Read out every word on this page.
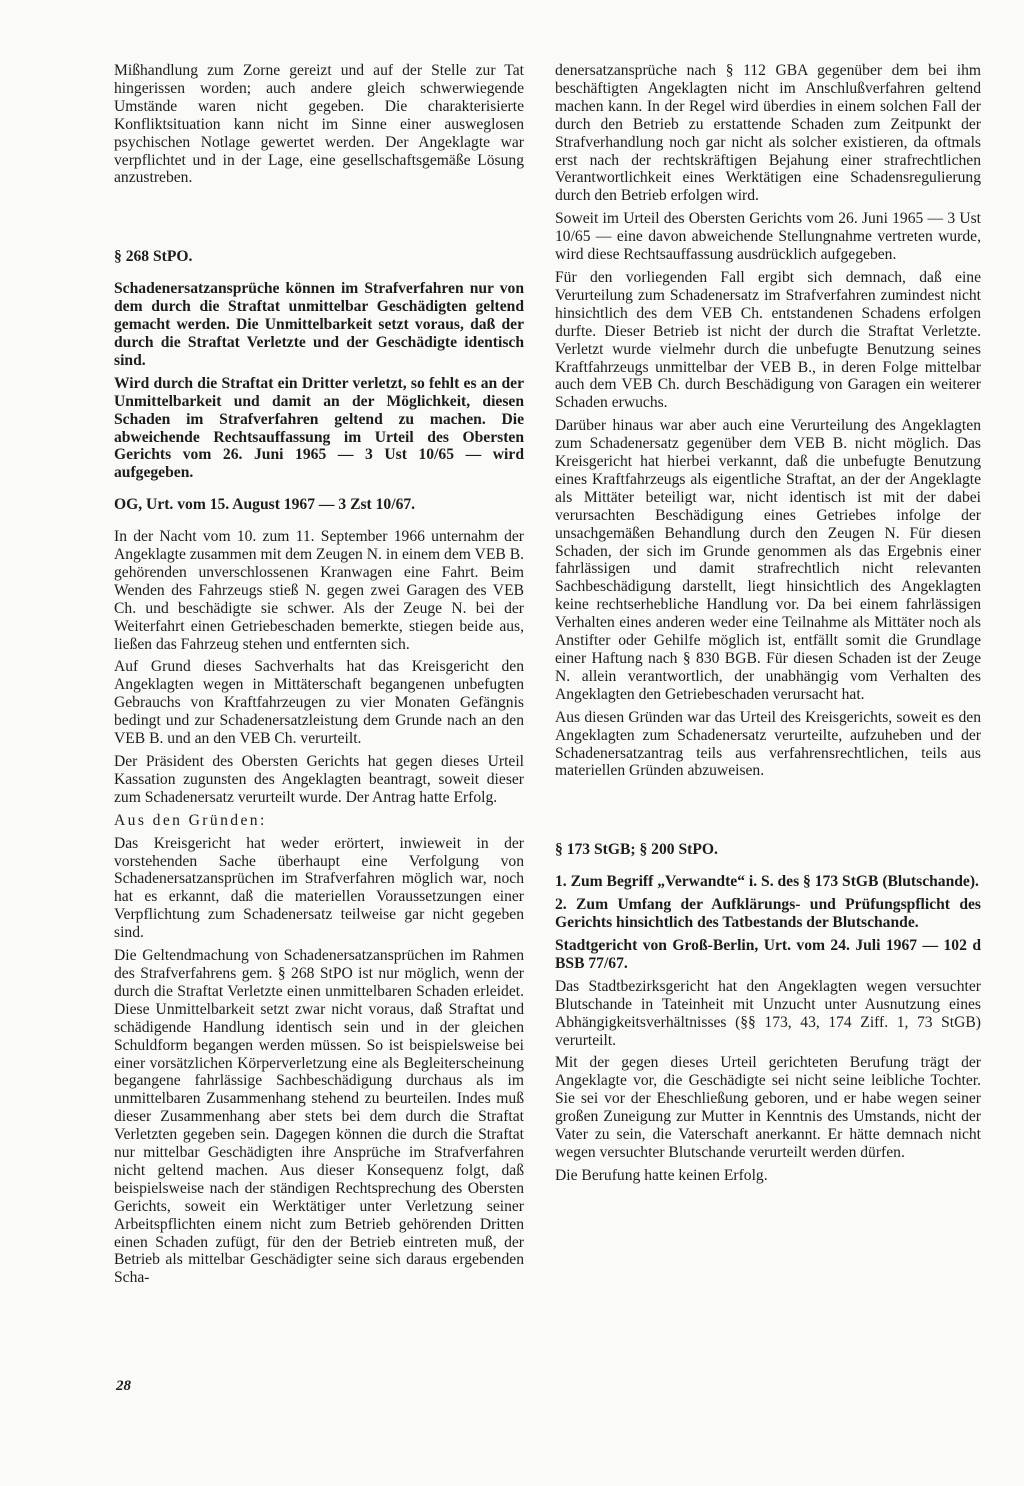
Mißhandlung zum Zorne gereizt und auf der Stelle zur Tat hingerissen worden; auch andere gleich schwerwiegende Umstände waren nicht gegeben. Die charakterisierte Konfliktsituation kann nicht im Sinne einer ausweglosen psychischen Notlage gewertet werden. Der Angeklagte war verpflichtet und in der Lage, eine gesellschaftsgemäße Lösung anzustreben.

§ 268 StPO.

Schadenersatzansprüche können im Strafverfahren nur von dem durch die Straftat unmittelbar Geschädigten geltend gemacht werden. Die Unmittelbarkeit setzt voraus, daß der durch die Straftat Verletzte und der Geschädigte identisch sind.

Wird durch die Straftat ein Dritter verletzt, so fehlt es an der Unmittelbarkeit und damit an der Möglichkeit, diesen Schaden im Strafverfahren geltend zu machen. Die abweichende Rechtsauffassung im Urteil des Obersten Gerichts vom 26. Juni 1965 — 3 Ust 10/65 — wird aufgegeben.

OG, Urt. vom 15. August 1967 — 3 Zst 10/67.

In der Nacht vom 10. zum 11. September 1966 unternahm der Angeklagte zusammen mit dem Zeugen N. in einem dem VEB B. gehörenden unverschlossenen Kranwagen eine Fahrt. Beim Wenden des Fahrzeugs stieß N. gegen zwei Garagen des VEB Ch. und beschädigte sie schwer. Als der Zeuge N. bei der Weiterfahrt einen Getriebeschaden bemerkte, stiegen beide aus, ließen das Fahrzeug stehen und entfernten sich.

Auf Grund dieses Sachverhalts hat das Kreisgericht den Angeklagten wegen in Mittäterschaft begangenen unbefugten Gebrauchs von Kraftfahrzeugen zu vier Monaten Gefängnis bedingt und zur Schadenersatzleistung dem Grunde nach an den VEB B. und an den VEB Ch. verurteilt.

Der Präsident des Obersten Gerichts hat gegen dieses Urteil Kassation zugunsten des Angeklagten beantragt, soweit dieser zum Schadenersatz verurteilt wurde. Der Antrag hatte Erfolg.

Aus den Gründen:

Das Kreisgericht hat weder erörtert, inwieweit in der vorstehenden Sache überhaupt eine Verfolgung von Schadenersatzansprüchen im Strafverfahren möglich war, noch hat es erkannt, daß die materiellen Voraussetzungen einer Verpflichtung zum Schadenersatz teilweise gar nicht gegeben sind.

Die Geltendmachung von Schadenersatzansprüchen im Rahmen des Strafverfahrens gem. § 268 StPO ist nur möglich, wenn der durch die Straftat Verletzte einen unmittelbaren Schaden erleidet. Diese Unmittelbarkeit setzt zwar nicht voraus, daß Straftat und schädigende Handlung identisch sein und in der gleichen Schuldform begangen werden müssen. So ist beispielsweise bei einer vorsätzlichen Körperverletzung eine als Begleiterscheinung begangene fahrlässige Sachbeschädigung durchaus als im unmittelbaren Zusammenhang stehend zu beurteilen. Indes muß dieser Zusammenhang aber stets bei dem durch die Straftat Verletzten gegeben sein. Dagegen können die durch die Straftat nur mittelbar Geschädigten ihre Ansprüche im Strafverfahren nicht geltend machen. Aus dieser Konsequenz folgt, daß beispielsweise nach der ständigen Rechtsprechung des Obersten Gerichts, soweit ein Werktätiger unter Verletzung seiner Arbeitspflichten einem nicht zum Betrieb gehörenden Dritten einen Schaden zufügt, für den der Betrieb eintreten muß, der Betrieb als mittelbar Geschädigter seine sich daraus ergebenden Scha-

denersatzansprüche nach § 112 GBA gegenüber dem bei ihm beschäftigten Angeklagten nicht im Anschlußverfahren geltend machen kann. In der Regel wird überdies in einem solchen Fall der durch den Betrieb zu erstattende Schaden zum Zeitpunkt der Strafverhandlung noch gar nicht als solcher existieren, da oftmals erst nach der rechtskräftigen Bejahung einer strafrechtlichen Verantwortlichkeit eines Werktätigen eine Schadensregulierung durch den Betrieb erfolgen wird.

Soweit im Urteil des Obersten Gerichts vom 26. Juni 1965 — 3 Ust 10/65 — eine davon abweichende Stellungnahme vertreten wurde, wird diese Rechtsauffassung ausdrücklich aufgegeben.

Für den vorliegenden Fall ergibt sich demnach, daß eine Verurteilung zum Schadenersatz im Strafverfahren zumindest nicht hinsichtlich des dem VEB Ch. entstandenen Schadens erfolgen durfte. Dieser Betrieb ist nicht der durch die Straftat Verletzte. Verletzt wurde vielmehr durch die unbefugte Benutzung seines Kraftfahrzeugs unmittelbar der VEB B., in deren Folge mittelbar auch dem VEB Ch. durch Beschädigung von Garagen ein weiterer Schaden erwuchs.

Darüber hinaus war aber auch eine Verurteilung des Angeklagten zum Schadenersatz gegenüber dem VEB B. nicht möglich. Das Kreisgericht hat hierbei verkannt, daß die unbefugte Benutzung eines Kraftfahrzeugs als eigentliche Straftat, an der der Angeklagte als Mittäter beteiligt war, nicht identisch ist mit der dabei verursachten Beschädigung eines Getriebes infolge der unsachgemäßen Behandlung durch den Zeugen N. Für diesen Schaden, der sich im Grunde genommen als das Ergebnis einer fahrlässigen und damit strafrechtlich nicht relevanten Sachbeschädigung darstellt, liegt hinsichtlich des Angeklagten keine rechtserhebliche Handlung vor. Da bei einem fahrlässigen Verhalten eines anderen weder eine Teilnahme als Mittäter noch als Anstifter oder Gehilfe möglich ist, entfällt somit die Grundlage einer Haftung nach § 830 BGB. Für diesen Schaden ist der Zeuge N. allein verantwortlich, der unabhängig vom Verhalten des Angeklagten den Getriebeschaden verursacht hat.

Aus diesen Gründen war das Urteil des Kreisgerichts, soweit es den Angeklagten zum Schadenersatz verurteilte, aufzuheben und der Schadenersatzantrag teils aus verfahrensrechtlichen, teils aus materiellen Gründen abzuweisen.

§ 173 StGB; § 200 StPO.

1. Zum Begriff „Verwandte“ i. S. des § 173 StGB (Blutschande).

2. Zum Umfang der Aufklärungs- und Prüfungspflicht des Gerichts hinsichtlich des Tatbestands der Blutschande.

Stadtgericht von Groß-Berlin, Urt. vom 24. Juli 1967 — 102 d BSB 77/67.

Das Stadtbezirksgericht hat den Angeklagten wegen versuchter Blutschande in Tateinheit mit Unzucht unter Ausnutzung eines Abhängigkeitsverhältnisses (§§ 173, 43, 174 Ziff. 1, 73 StGB) verurteilt.

Mit der gegen dieses Urteil gerichteten Berufung trägt der Angeklagte vor, die Geschädigte sei nicht seine leibliche Tochter. Sie sei vor der Eheschließung geboren, und er habe wegen seiner großen Zuneigung zur Mutter in Kenntnis des Umstands, nicht der Vater zu sein, die Vaterschaft anerkannt. Er hätte demnach nicht wegen versuchter Blutschande verurteilt werden dürfen.

Die Berufung hatte keinen Erfolg.

28
